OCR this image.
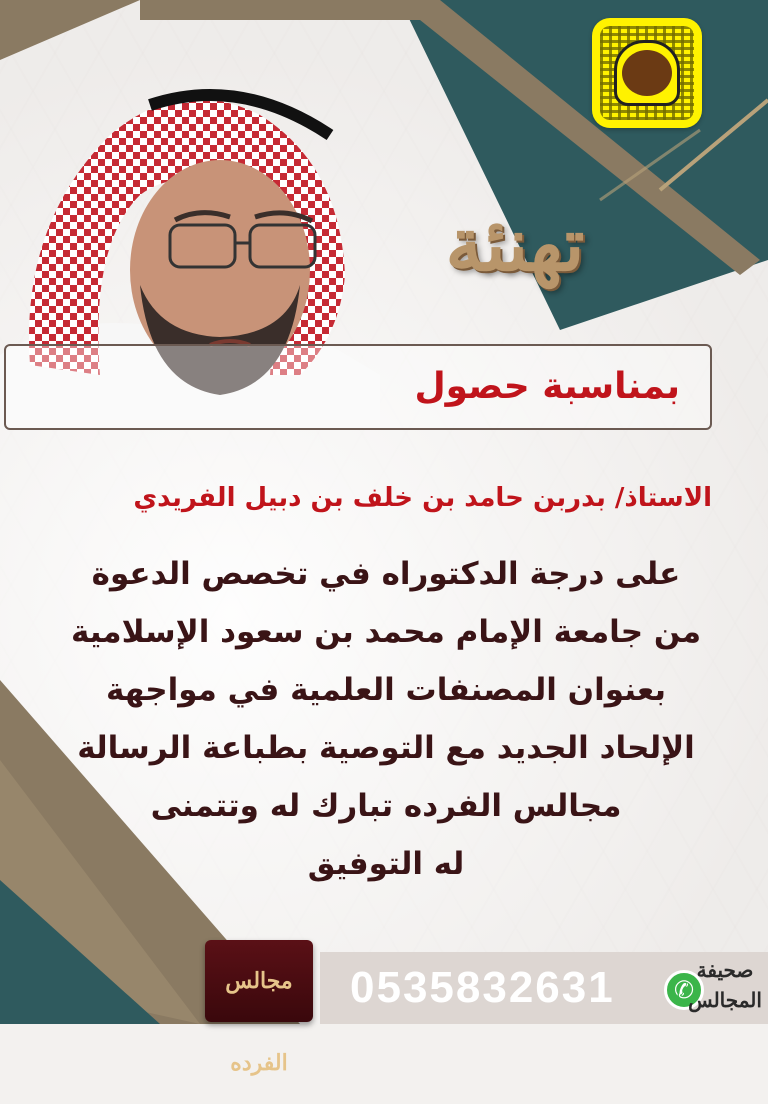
تهنئة
بمناسبة حصول
الاستاذ/ بدربن حامد بن خلف بن دبيل الفريدي
على درجة الدكتوراه في تخصص الدعوة
من جامعة الإمام محمد بن سعود الإسلامية
بعنوان المصنفات العلمية في مواجهة
الإلحاد الجديد مع التوصية بطباعة الرسالة
مجالس الفرده تبارك له وتتمنى
له التوفيق
مجالس الفرده
0535832631
✆	صحيفة
المجالس
